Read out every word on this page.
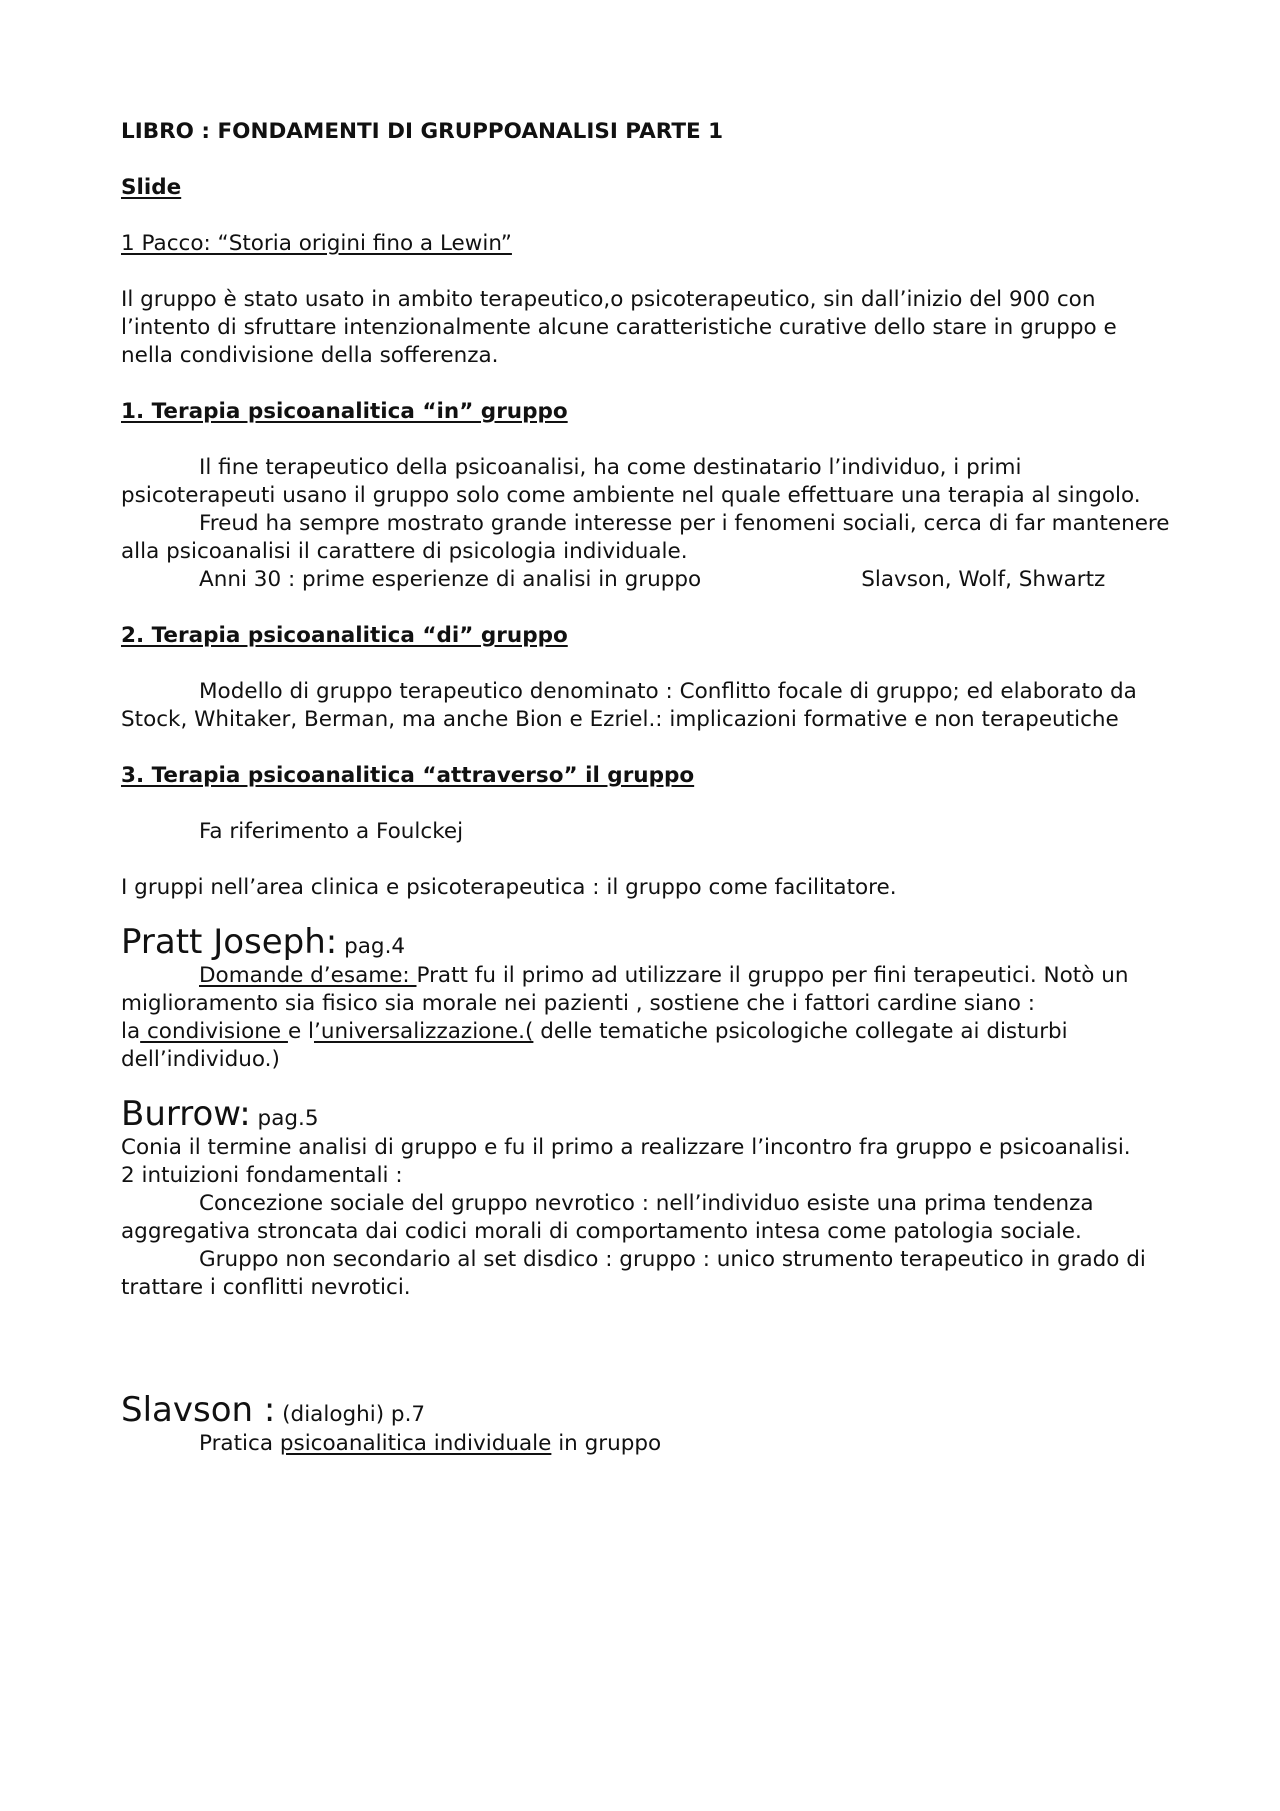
LIBRO : FONDAMENTI DI GRUPPOANALISI PARTE 1

Slide

1 Pacco: “Storia origini fino a Lewin”

Il gruppo è stato usato in ambito terapeutico,o psicoterapeutico, sin dall’inizio del 900 con l’intento di sfruttare intenzionalmente alcune caratteristiche curative dello stare in gruppo e nella condivisione della sofferenza.

1. Terapia psicoanalitica “in” gruppo

Il fine terapeutico della psicoanalisi, ha come destinatario l’individuo, i primi psicoterapeuti usano il gruppo solo come ambiente nel quale effettuare una terapia al singolo.

Freud ha sempre mostrato grande interesse per i fenomeni sociali, cerca di far mantenere alla psicoanalisi il carattere di psicologia individuale.

Anni 30 : prime esperienze di analisi in gruppo	Slavson, Wolf, Shwartz

2. Terapia psicoanalitica “di” gruppo

Modello di gruppo terapeutico denominato : Conflitto focale di gruppo; ed elaborato da Stock, Whitaker, Berman, ma anche Bion e Ezriel.: implicazioni formative e non terapeutiche

3. Terapia psicoanalitica “attraverso” il gruppo

Fa riferimento a Foulckej

I gruppi nell’area clinica e psicoterapeutica : il gruppo come facilitatore.

Pratt Joseph: pag.4

Domande d’esame: Pratt fu il primo ad utilizzare il gruppo per fini terapeutici. Notò un miglioramento sia fisico sia morale nei pazienti , sostiene che i fattori cardine siano :

la condivisione e l’universalizzazione.( delle tematiche psicologiche collegate ai disturbi dell’individuo.)

Burrow: pag.5

Conia il termine analisi di gruppo e fu il primo a realizzare l’incontro fra gruppo e psicoanalisi.

2 intuizioni fondamentali :

Concezione sociale del gruppo nevrotico : nell’individuo esiste una prima tendenza aggregativa stroncata dai codici morali di comportamento intesa come patologia sociale.

Gruppo non secondario al set disdico : gruppo : unico strumento terapeutico in grado di trattare i conflitti nevrotici.

Slavson : (dialoghi) p.7

Pratica psicoanalitica individuale in gruppo
